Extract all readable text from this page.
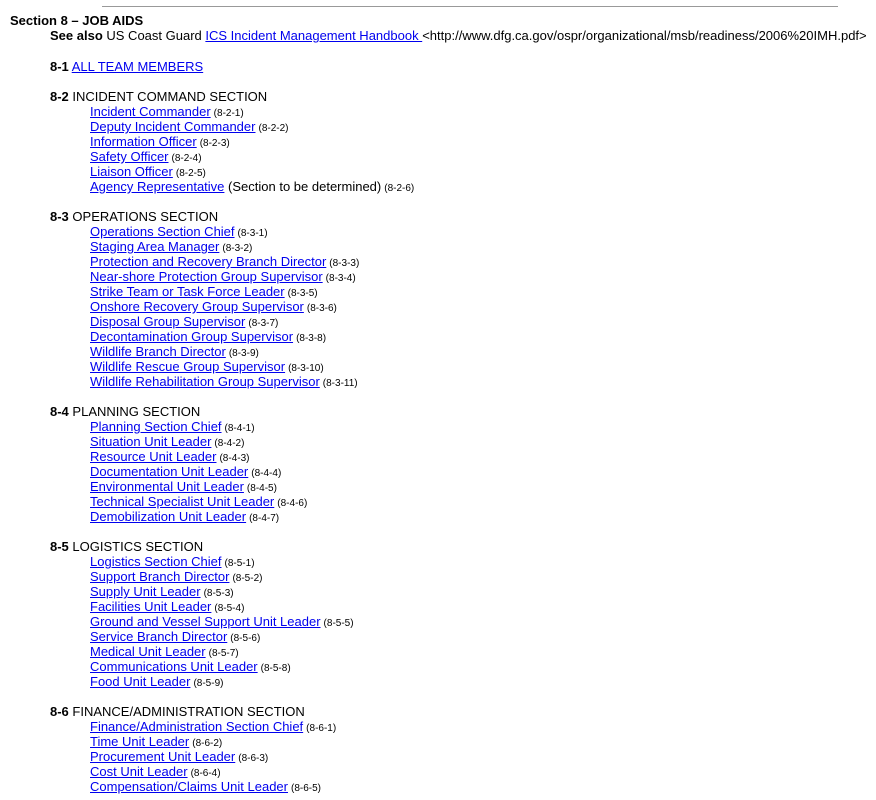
Section 8 – JOB AIDS
See also US Coast Guard ICS Incident Management Handbook <http://www.dfg.ca.gov/ospr/organizational/msb/readiness/2006%20IMH.pdf>
8-1 ALL TEAM MEMBERS
8-2 INCIDENT COMMAND SECTION
Incident Commander (8-2-1)
Deputy Incident Commander (8-2-2)
Information Officer (8-2-3)
Safety Officer (8-2-4)
Liaison Officer (8-2-5)
Agency Representative (Section to be determined) (8-2-6)
8-3 OPERATIONS SECTION
Operations Section Chief (8-3-1)
Staging Area Manager (8-3-2)
Protection and Recovery Branch Director (8-3-3)
Near-shore Protection Group Supervisor (8-3-4)
Strike Team or Task Force Leader (8-3-5)
Onshore Recovery Group Supervisor (8-3-6)
Disposal Group Supervisor (8-3-7)
Decontamination Group Supervisor (8-3-8)
Wildlife Branch Director (8-3-9)
Wildlife Rescue Group Supervisor (8-3-10)
Wildlife Rehabilitation Group Supervisor (8-3-11)
8-4 PLANNING SECTION
Planning Section Chief (8-4-1)
Situation Unit Leader (8-4-2)
Resource Unit Leader (8-4-3)
Documentation Unit Leader (8-4-4)
Environmental Unit Leader (8-4-5)
Technical Specialist Unit Leader (8-4-6)
Demobilization Unit Leader (8-4-7)
8-5 LOGISTICS SECTION
Logistics Section Chief (8-5-1)
Support Branch Director (8-5-2)
Supply Unit Leader (8-5-3)
Facilities Unit Leader (8-5-4)
Ground and Vessel Support Unit Leader (8-5-5)
Service Branch Director (8-5-6)
Medical Unit Leader (8-5-7)
Communications Unit Leader (8-5-8)
Food Unit Leader (8-5-9)
8-6 FINANCE/ADMINISTRATION SECTION
Finance/Administration Section Chief (8-6-1)
Time Unit Leader (8-6-2)
Procurement Unit Leader (8-6-3)
Cost Unit Leader (8-6-4)
Compensation/Claims Unit Leader (8-6-5)
